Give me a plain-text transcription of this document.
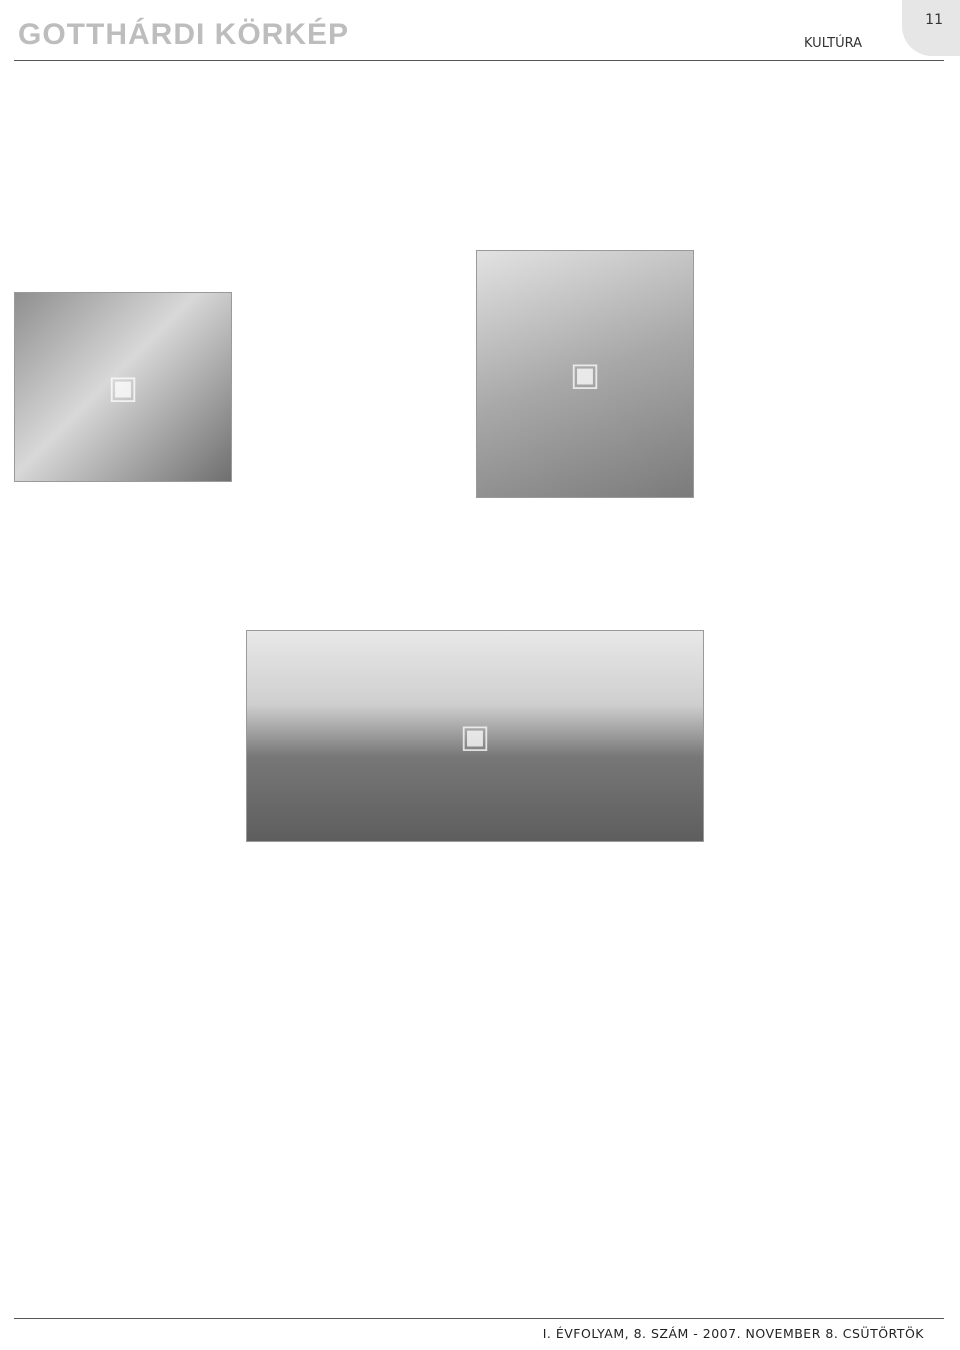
GOTTHÁRDI KÖRKÉP	KULTÚRA
11
▣	▣
▣
I. ÉVFOLYAM, 8. SZÁM - 2007. NOVEMBER 8. CSÜTÖRTÖK
